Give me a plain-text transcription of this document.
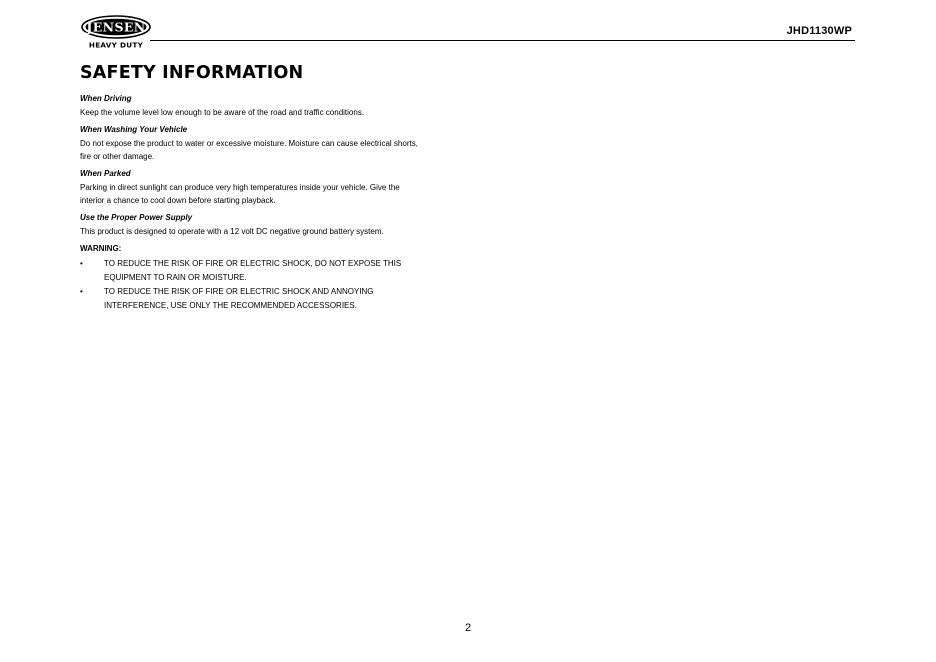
JENSEN
HEAVY DUTY
JHD1130WP
SAFETY INFORMATION
When Driving
Keep the volume level low enough to be aware of the road and traffic conditions.
When Washing Your Vehicle
Do not expose the product to water or excessive moisture. Moisture can cause electrical shorts,
fire or other damage.
When Parked
Parking in direct sunlight can produce very high temperatures inside your vehicle. Give the
interior a chance to cool down before starting playback.
Use the Proper Power Supply
This product is designed to operate with a 12 volt DC negative ground battery system.
WARNING:
•	TO REDUCE THE RISK OF FIRE OR ELECTRIC SHOCK, DO NOT EXPOSE THIS
EQUIPMENT TO RAIN OR MOISTURE.
•	TO REDUCE THE RISK OF FIRE OR ELECTRIC SHOCK AND ANNOYING
INTERFERENCE, USE ONLY THE RECOMMENDED ACCESSORIES.
2
